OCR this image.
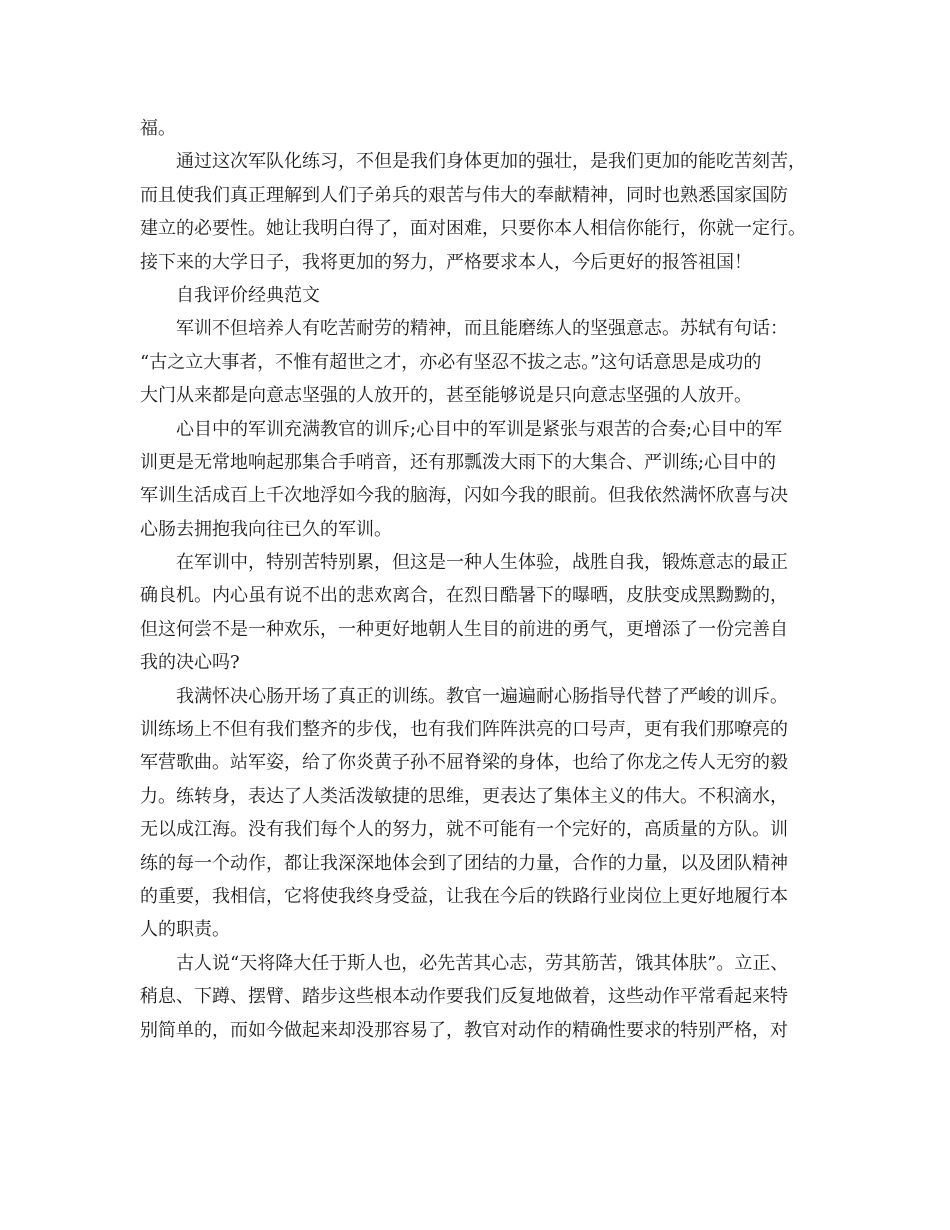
福。
通过这次军队化练习，不但是我们身体更加的强壮，是我们更加的能吃苦刻苦，
而且使我们真正理解到人们子弟兵的艰苦与伟大的奉献精神，同时也熟悉国家国防
建立的必要性。她让我明白得了，面对困难，只要你本人相信你能行，你就一定行。
接下来的大学日子，我将更加的努力，严格要求本人，今后更好的报答祖国！
自我评价经典范文
军训不但培养人有吃苦耐劳的精神，而且能磨练人的坚强意志。苏轼有句话：
“古之立大事者，不惟有超世之才，亦必有坚忍不拔之志。”这句话意思是成功的
大门从来都是向意志坚强的人放开的，甚至能够说是只向意志坚强的人放开。
心目中的军训充满教官的训斥;心目中的军训是紧张与艰苦的合奏;心目中的军
训更是无常地响起那集合手哨音，还有那瓢泼大雨下的大集合、严训练;心目中的
军训生活成百上千次地浮如今我的脑海，闪如今我的眼前。但我依然满怀欣喜与决
心肠去拥抱我向往已久的军训。
在军训中，特别苦特别累，但这是一种人生体验，战胜自我，锻炼意志的最正
确良机。内心虽有说不出的悲欢离合，在烈日酷暑下的曝晒，皮肤变成黑黝黝的，
但这何尝不是一种欢乐，一种更好地朝人生目的前进的勇气，更增添了一份完善自
我的决心吗?
我满怀决心肠开场了真正的训练。教官一遍遍耐心肠指导代替了严峻的训斥。
训练场上不但有我们整齐的步伐，也有我们阵阵洪亮的口号声，更有我们那嘹亮的
军营歌曲。站军姿，给了你炎黄子孙不屈脊梁的身体，也给了你龙之传人无穷的毅
力。练转身，表达了人类活泼敏捷的思维，更表达了集体主义的伟大。不积滴水，
无以成江海。没有我们每个人的努力，就不可能有一个完好的，高质量的方队。训
练的每一个动作，都让我深深地体会到了团结的力量，合作的力量，以及团队精神
的重要，我相信，它将使我终身受益，让我在今后的铁路行业岗位上更好地履行本
人的职责。
古人说“天将降大任于斯人也，必先苦其心志，劳其筋苦，饿其体肤”。立正、
稍息、下蹲、摆臂、踏步这些根本动作要我们反复地做着，这些动作平常看起来特
别简单的，而如今做起来却没那容易了，教官对动作的精确性要求的特别严格，对
